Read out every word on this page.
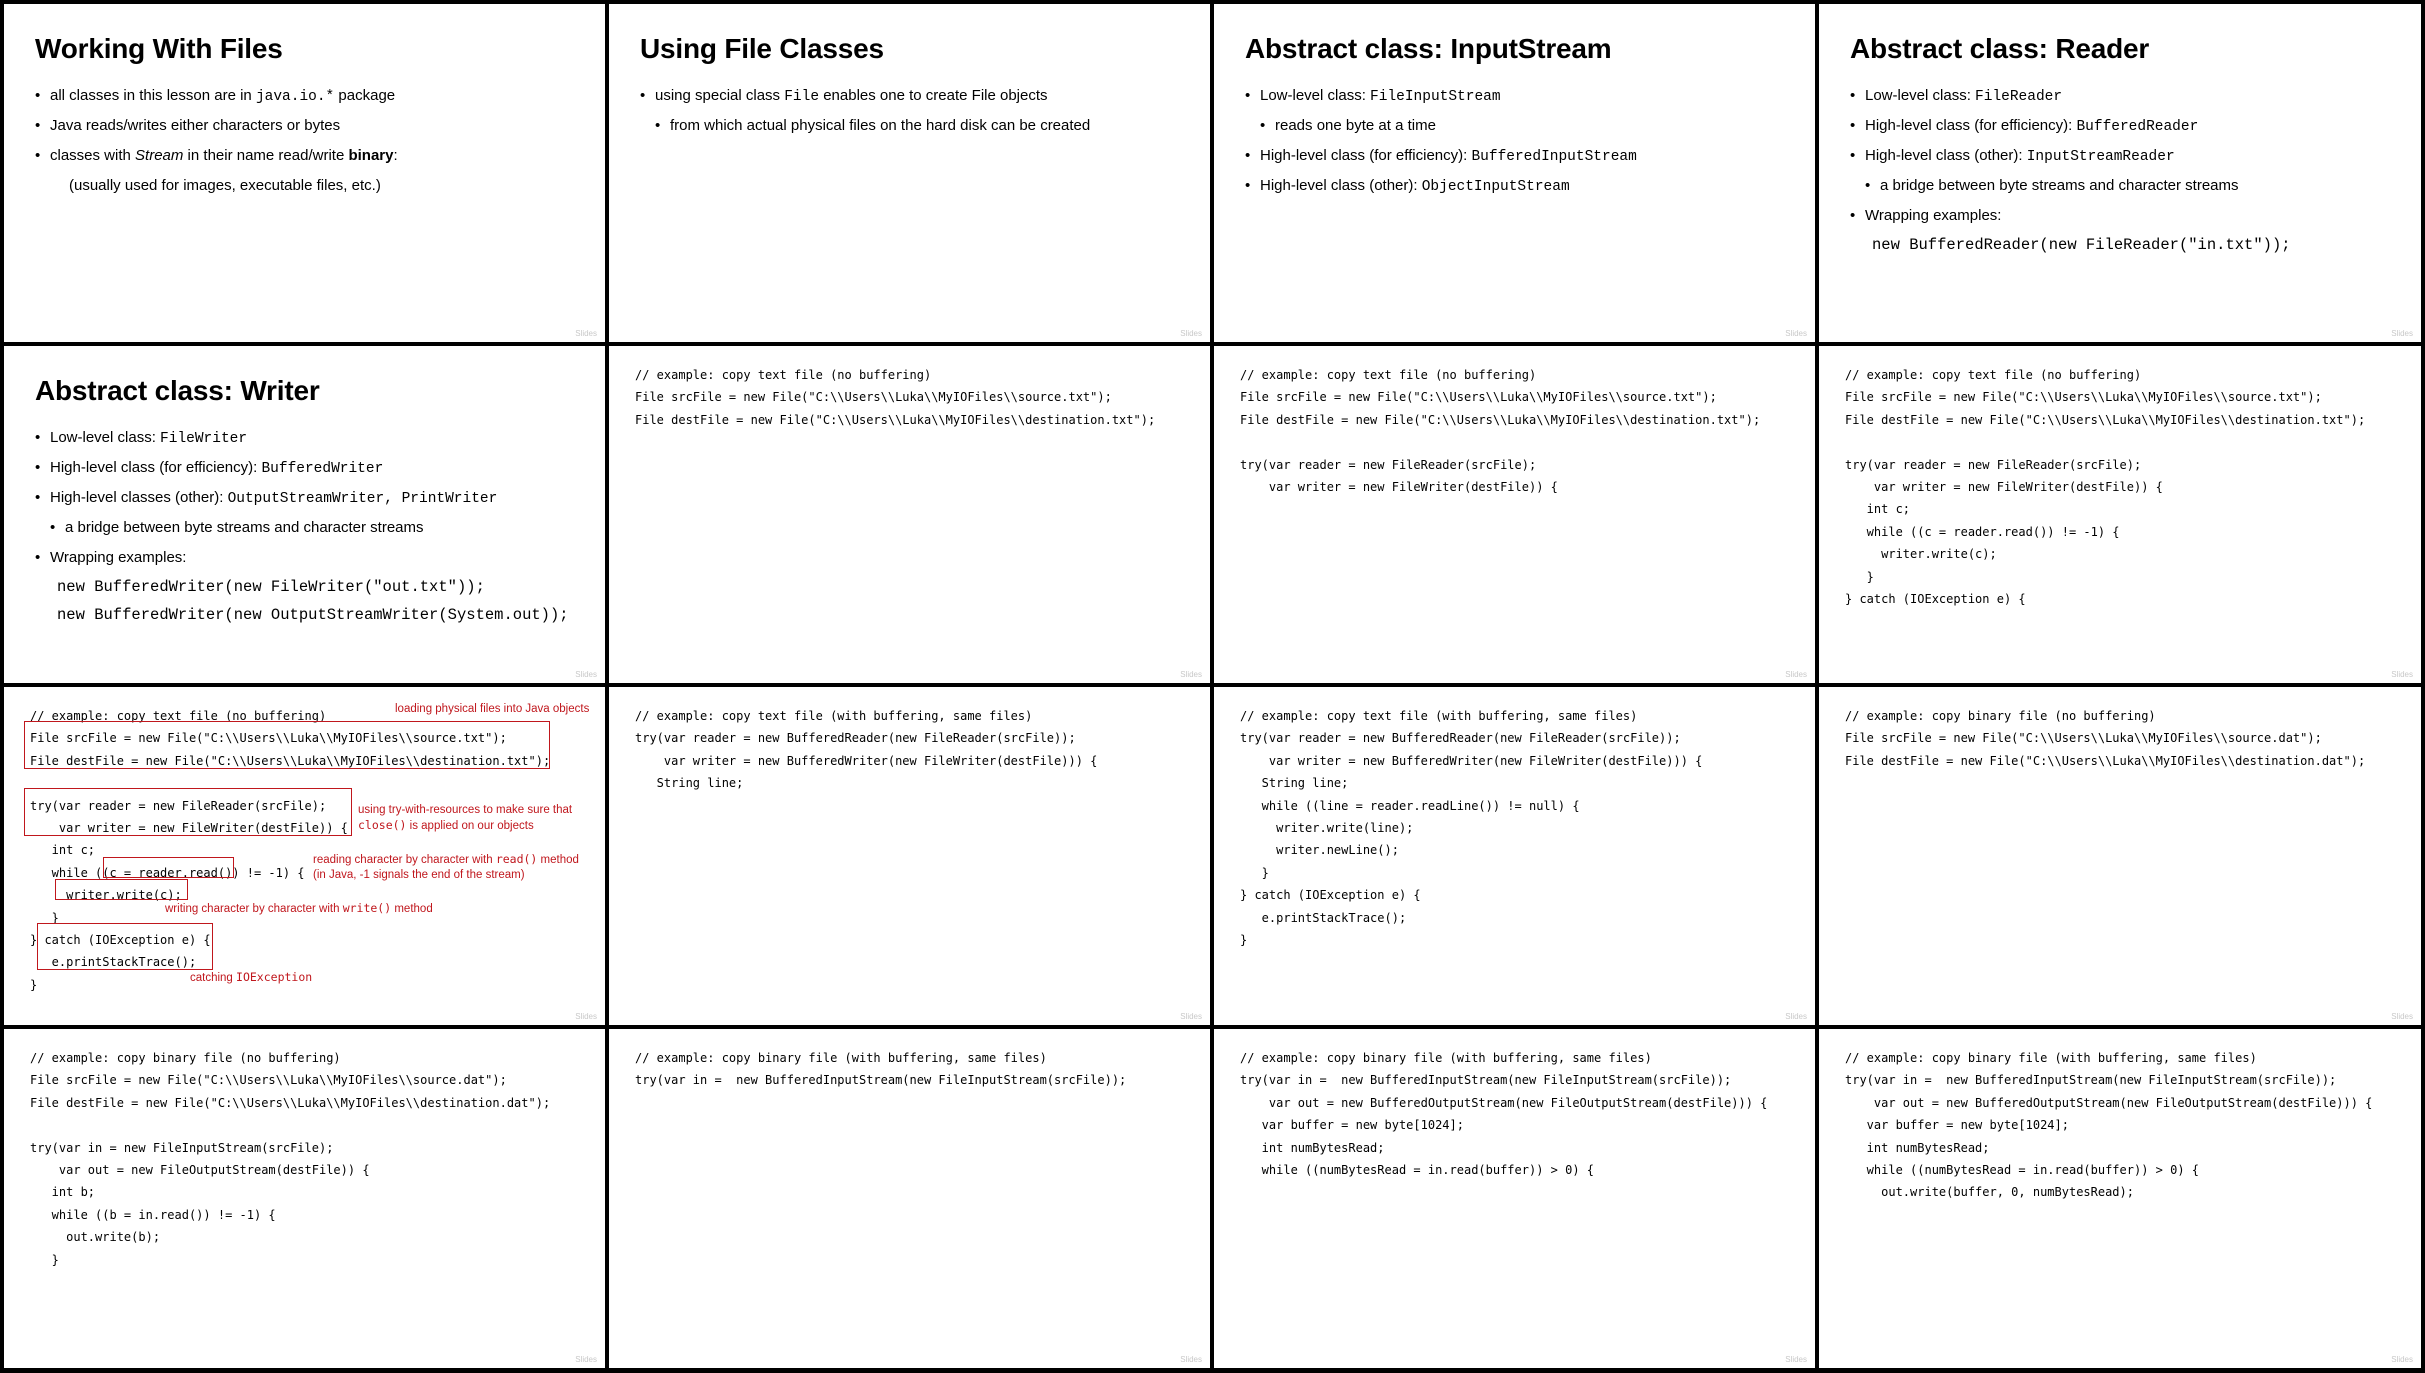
Working With Files
• all classes in this lesson are in java.io.* package
• Java reads/writes either characters or bytes
• classes with Stream in their name read/write binary:
(usually used for images, executable files, etc.)
Slides
Using File Classes
• using special class File enables one to create File objects
• from which actual physical files on the hard disk can be created
Slides
Abstract class: InputStream
• Low-level class: FileInputStream
• reads one byte at a time
• High-level class (for efficiency): BufferedInputStream
• High-level class (other): ObjectInputStream
Slides
Abstract class: Reader
• Low-level class: FileReader
• High-level class (for efficiency): BufferedReader
• High-level class (other): InputStreamReader
• a bridge between byte streams and character streams
• Wrapping examples:
new BufferedReader(new FileReader("in.txt"));
Slides
Abstract class: Writer
• Low-level class: FileWriter
• High-level class (for efficiency): BufferedWriter
• High-level classes (other): OutputStreamWriter, PrintWriter
• a bridge between byte streams and character streams
• Wrapping examples:
new BufferedWriter(new FileWriter("out.txt"));
new BufferedWriter(new OutputStreamWriter(System.out));
Slides
// example: copy text file (no buffering)
File srcFile = new File("C:\\Users\\Luka\\MyIOFiles\\source.txt");
File destFile = new File("C:\\Users\\Luka\\MyIOFiles\\destination.txt");
Slides
// example: copy text file (no buffering)
File srcFile = new File("C:\\Users\\Luka\\MyIOFiles\\source.txt");
File destFile = new File("C:\\Users\\Luka\\MyIOFiles\\destination.txt");

try(var reader = new FileReader(srcFile);
var writer = new FileWriter(destFile)) {
Slides
// example: copy text file (no buffering)
File srcFile = new File("C:\\Users\\Luka\\MyIOFiles\\source.txt");
File destFile = new File("C:\\Users\\Luka\\MyIOFiles\\destination.txt");

try(var reader = new FileReader(srcFile);
var writer = new FileWriter(destFile)) {
int c;
while ((c = reader.read()) != -1) {
writer.write(c);
}
} catch (IOException e) {
Slides
// example: copy text file (no buffering)
File srcFile = new File("C:\\Users\\Luka\\MyIOFiles\\source.txt");
File destFile = new File("C:\\Users\\Luka\\MyIOFiles\\destination.txt");

try(var reader = new FileReader(srcFile);
var writer = new FileWriter(destFile)) {
int c;
while ((c = reader.read()) != -1) {
writer.write(c);
}
} catch (IOException e) {
e.printStackTrace();
}
loading physical files into Java objects
using try-with-resources to make sure that
close() is applied on our objects
reading character by character with read() method
(in Java, -1 signals the end of the stream)
writing character by character with write() method
catching IOException
Slides
// example: copy text file (with buffering, same files)
try(var reader = new BufferedReader(new FileReader(srcFile));
var writer = new BufferedWriter(new FileWriter(destFile))) {
String line;
Slides
// example: copy text file (with buffering, same files)
try(var reader = new BufferedReader(new FileReader(srcFile));
var writer = new BufferedWriter(new FileWriter(destFile))) {
String line;
while ((line = reader.readLine()) != null) {
writer.write(line);
writer.newLine();
}
} catch (IOException e) {
e.printStackTrace();
}
Slides
// example: copy binary file (no buffering)
File srcFile = new File("C:\\Users\\Luka\\MyIOFiles\\source.dat");
File destFile = new File("C:\\Users\\Luka\\MyIOFiles\\destination.dat");
Slides
// example: copy binary file (no buffering)
File srcFile = new File("C:\\Users\\Luka\\MyIOFiles\\source.dat");
File destFile = new File("C:\\Users\\Luka\\MyIOFiles\\destination.dat");

try(var in = new FileInputStream(srcFile);
var out = new FileOutputStream(destFile)) {
int b;
while ((b = in.read()) != -1) {
out.write(b);
}
Slides
// example: copy binary file (with buffering, same files)
try(var in =  new BufferedInputStream(new FileInputStream(srcFile));
Slides
// example: copy binary file (with buffering, same files)
try(var in =  new BufferedInputStream(new FileInputStream(srcFile));
var out = new BufferedOutputStream(new FileOutputStream(destFile))) {
var buffer = new byte[1024];
int numBytesRead;
while ((numBytesRead = in.read(buffer)) > 0) {
Slides
// example: copy binary file (with buffering, same files)
try(var in =  new BufferedInputStream(new FileInputStream(srcFile));
var out = new BufferedOutputStream(new FileOutputStream(destFile))) {
var buffer = new byte[1024];
int numBytesRead;
while ((numBytesRead = in.read(buffer)) > 0) {
out.write(buffer, 0, numBytesRead);
Slides
